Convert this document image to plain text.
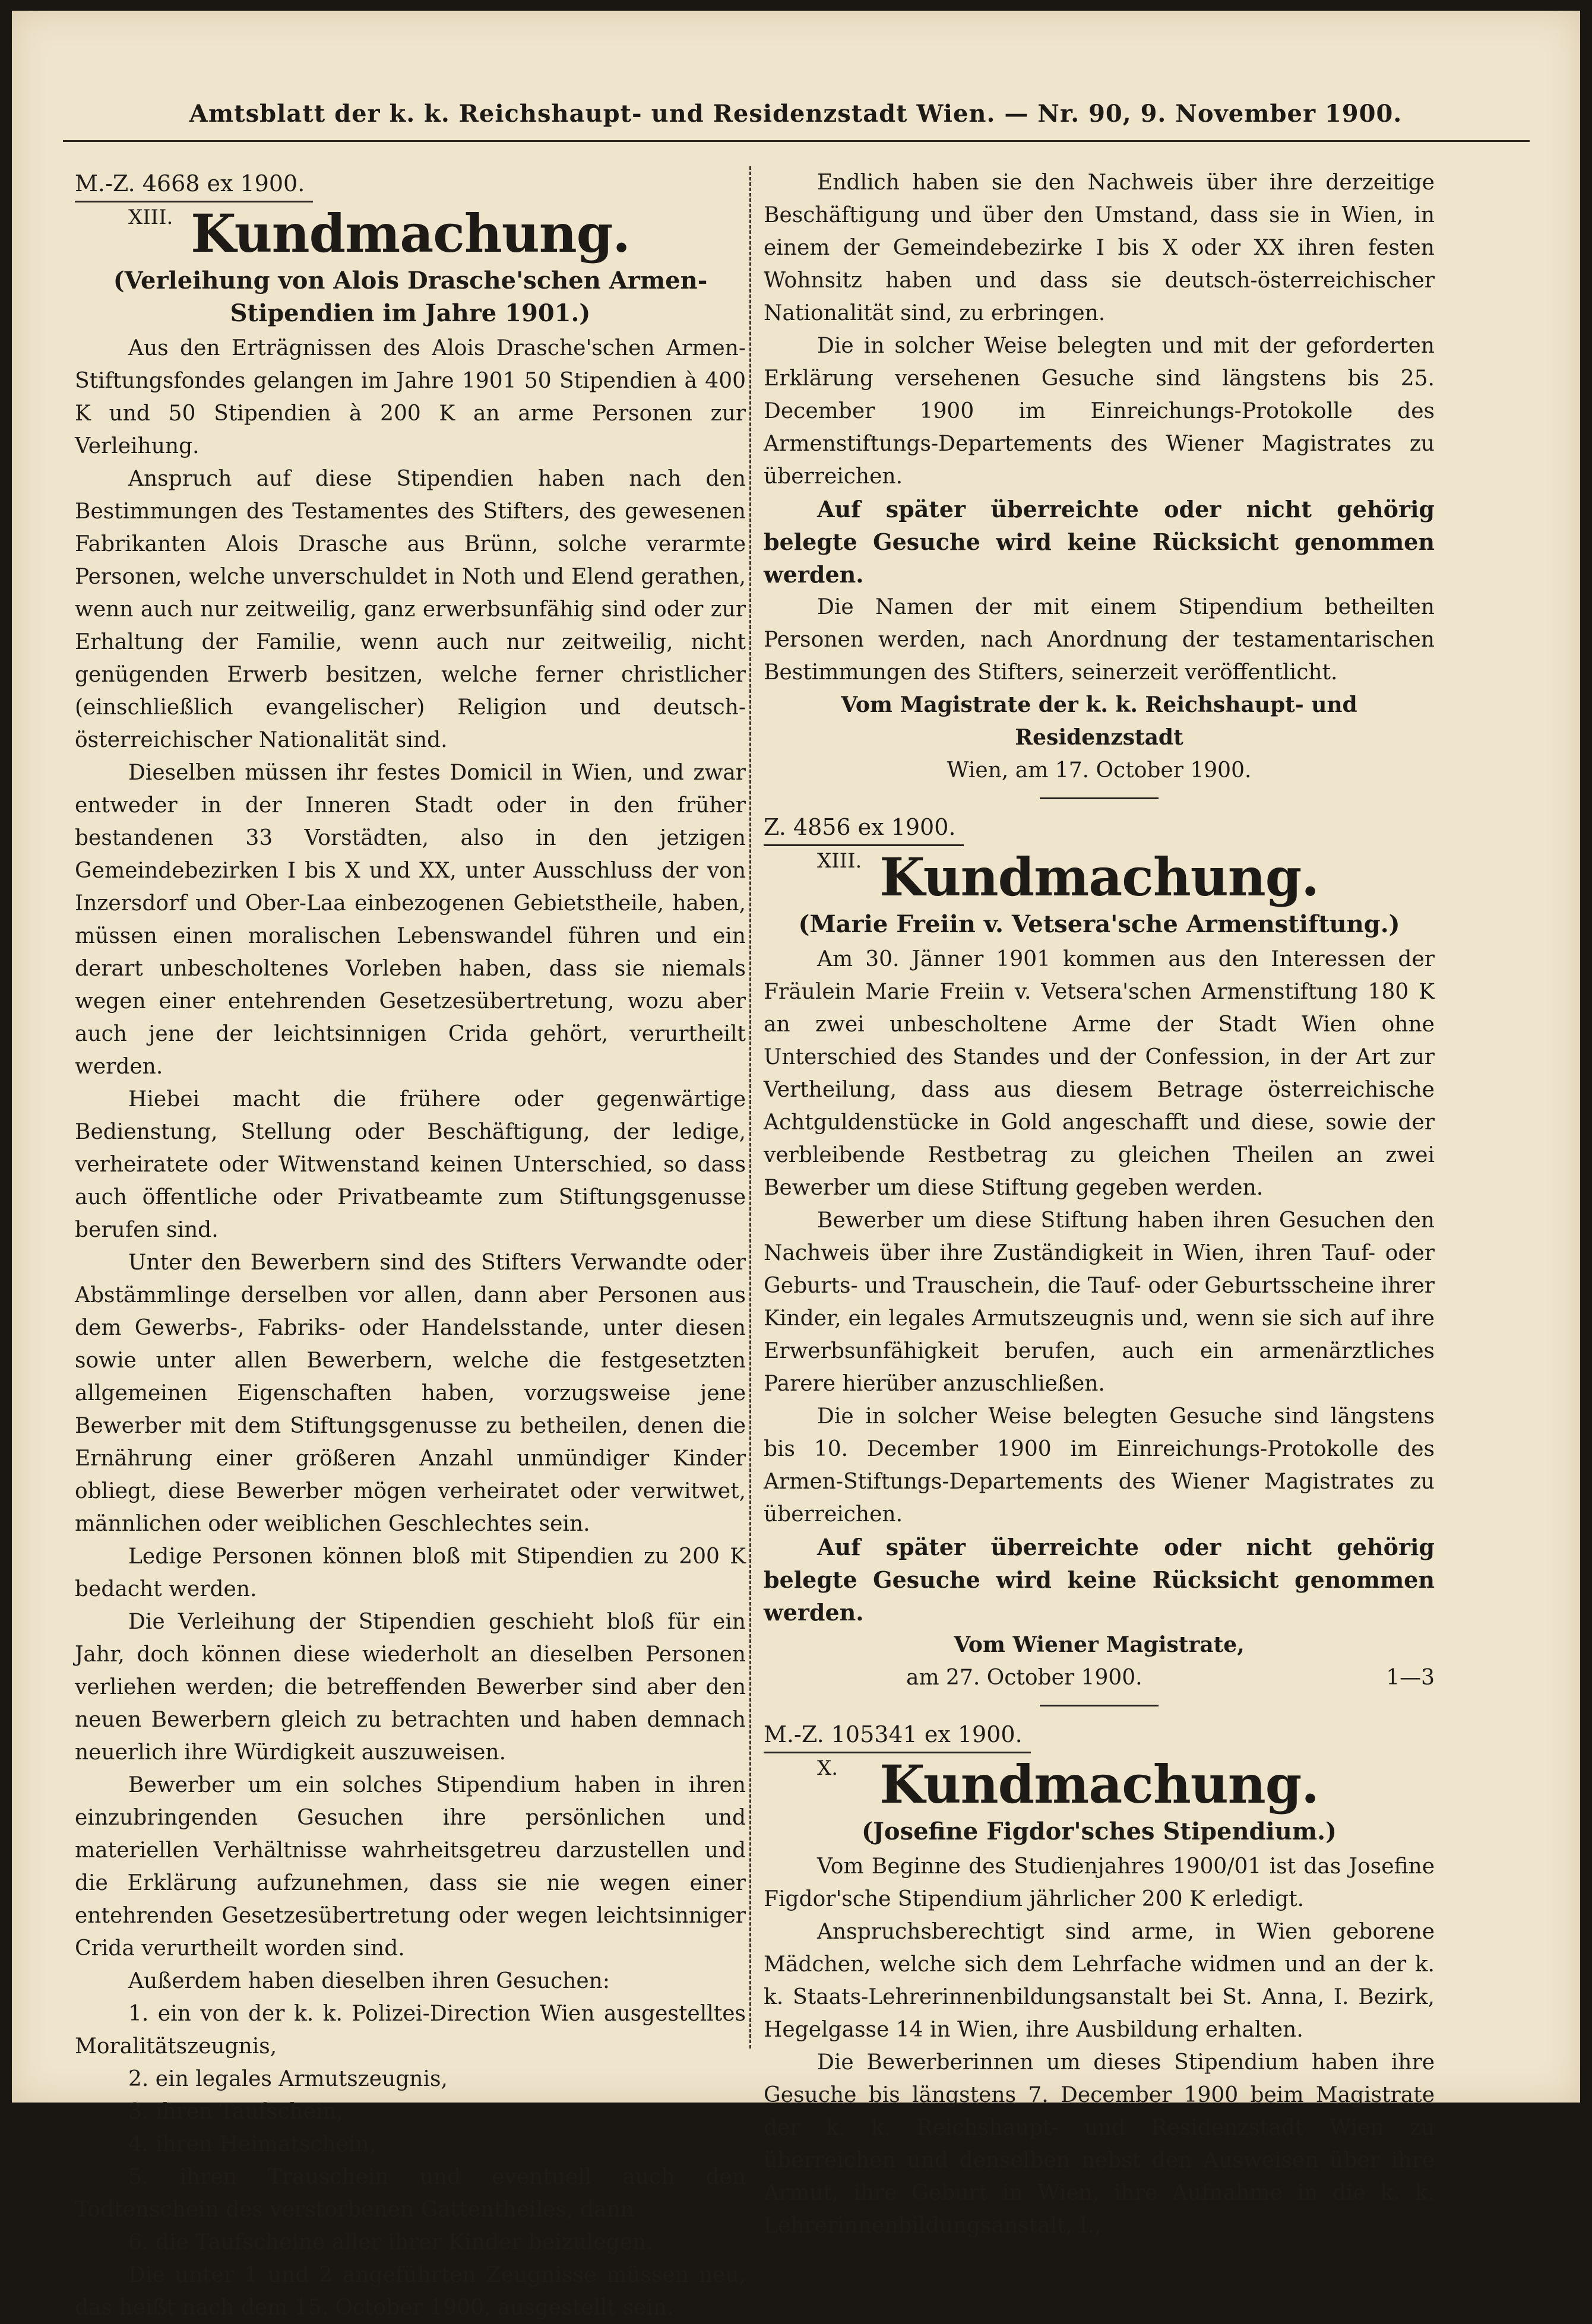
Amtsblatt der k. k. Reichshaupt- und Residenzstadt Wien. — Nr. 90, 9. November 1900.
M.-Z. 4668 ex 1900.
XIII. Kundmachung.
(Verleihung von Alois Drasche'schen Armen-Stipendien im Jahre 1901.)

Aus den Erträgnissen des Alois Drasche'schen Armen-Stiftungsfondes gelangen im Jahre 1901 50 Stipendien à 400 K und 50 Stipendien à 200 K an arme Personen zur Verleihung.

Anspruch auf diese Stipendien haben nach den Bestimmungen des Testamentes des Stifters, des gewesenen Fabrikanten Alois Drasche aus Brünn, solche verarmte Personen, welche unverschuldet in Noth und Elend gerathen, wenn auch nur zeitweilig, ganz erwerbsunfähig sind oder zur Erhaltung der Familie, wenn auch nur zeitweilig, nicht genügenden Erwerb besitzen, welche ferner christlicher (einschließlich evangelischer) Religion und deutsch-österreichischer Nationalität sind.

Dieselben müssen ihr festes Domicil in Wien, und zwar entweder in der Inneren Stadt oder in den früher bestandenen 33 Vorstädten, also in den jetzigen Gemeindebezirken I bis X und XX, unter Ausschluss der von Inzersdorf und Ober-Laa einbezogenen Gebietstheile, haben, müssen einen moralischen Lebenswandel führen und ein derart unbescholtenes Vorleben haben, dass sie niemals wegen einer entehrenden Gesetzesübertretung, wozu aber auch jene der leichtsinnigen Crida gehört, verurtheilt werden.

Hiebei macht die frühere oder gegenwärtige Bedienstung, Stellung oder Beschäftigung, der ledige, verheiratete oder Witwenstand keinen Unterschied, so dass auch öffentliche oder Privatbeamte zum Stiftungsgenusse berufen sind.

Unter den Bewerbern sind des Stifters Verwandte oder Abstämmlinge derselben vor allen, dann aber Personen aus dem Gewerbs-, Fabriks- oder Handelsstande, unter diesen sowie unter allen Bewerbern, welche die festgesetzten allgemeinen Eigenschaften haben, vorzugsweise jene Bewerber mit dem Stiftungsgenusse zu betheilen, denen die Ernährung einer größeren Anzahl unmündiger Kinder obliegt, diese Bewerber mögen verheiratet oder verwitwet, männlichen oder weiblichen Geschlechtes sein.

Ledige Personen können bloß mit Stipendien zu 200 K bedacht werden.

Die Verleihung der Stipendien geschieht bloß für ein Jahr, doch können diese wiederholt an dieselben Personen verliehen werden; die betreffenden Bewerber sind aber den neuen Bewerbern gleich zu betrachten und haben demnach neuerlich ihre Würdigkeit auszuweisen.

Bewerber um ein solches Stipendium haben in ihren einzubringenden Gesuchen ihre persönlichen und materiellen Verhältnisse wahrheitsgetreu darzustellen und die Erklärung aufzunehmen, dass sie nie wegen einer entehrenden Gesetzesübertretung oder wegen leichtsinniger Crida verurtheilt worden sind.

Außerdem haben dieselben ihren Gesuchen:

1. ein von der k. k. Polizei-Direction Wien ausgestelltes Moralitätszeugnis,
2. ein legales Armutszeugnis,
3. ihren Taufschein,
4. ihren Heimatschein,
5. ihren Trauschein und eventuell auch den Todtenschein des verstorbenen Gattentheiles, dann
6. die Taufscheine aller ihrer Kinder beizulegen.

Die unter 1 und 2 angeführten Zeugnisse müssen neu, das heißt nach dem 15. October 1900, ausgestellt sein.

Endlich haben sie den Nachweis über ihre derzeitige Beschäftigung und über den Umstand, dass sie in Wien, in einem der Gemeindebezirke I bis X oder XX ihren festen Wohnsitz haben und dass sie deutsch-österreichischer Nationalität sind, zu erbringen.

Die in solcher Weise belegten und mit der geforderten Erklärung versehenen Gesuche sind längstens bis 25. December 1900 im Einreichungs-Protokolle des Armenstiftungs-Departements des Wiener Magistrates zu überreichen.

Auf später überreichte oder nicht gehörig belegte Gesuche wird keine Rücksicht genommen werden.

Die Namen der mit einem Stipendium betheilten Personen werden, nach Anordnung der testamentarischen Bestimmungen des Stifters, seinerzeit veröffentlicht.

Vom Magistrate der k. k. Reichshaupt- und Residenzstadt
Wien, am 17. October 1900.
Z. 4856 ex 1900.
XIII. Kundmachung.
(Marie Freiin v. Vetsera'sche Armenstiftung.)

Am 30. Jänner 1901 kommen aus den Interessen der Fräulein Marie Freiin v. Vetsera'schen Armenstiftung 180 K an zwei unbescholtene Arme der Stadt Wien ohne Unterschied des Standes und der Confession, in der Art zur Vertheilung, dass aus diesem Betrage österreichische Achtguldenstücke in Gold angeschafft und diese, sowie der verbleibende Restbetrag zu gleichen Theilen an zwei Bewerber um diese Stiftung gegeben werden.

Bewerber um diese Stiftung haben ihren Gesuchen den Nachweis über ihre Zuständigkeit in Wien, ihren Tauf- oder Geburts- und Trauschein, die Tauf- oder Geburtsscheine ihrer Kinder, ein legales Armutszeugnis und, wenn sie sich auf ihre Erwerbsunfähigkeit berufen, auch ein armenärztliches Parere hierüber anzuschließen.

Die in solcher Weise belegten Gesuche sind längstens bis 10. December 1900 im Einreichungs-Protokolle des Armen-Stiftungs-Departements des Wiener Magistrates zu überreichen.

Auf später überreichte oder nicht gehörig belegte Gesuche wird keine Rücksicht genommen werden.

Vom Wiener Magistrate,
am 27. October 1900.	1—3
M.-Z. 105341 ex 1900.
X. Kundmachung.
(Josefine Figdor'sches Stipendium.)

Vom Beginne des Studienjahres 1900/01 ist das Josefine Figdor'sche Stipendium jährlicher 200 K erledigt.

Anspruchsberechtigt sind arme, in Wien geborene Mädchen, welche sich dem Lehrfache widmen und an der k. k. Staats-Lehrerinnenbildungsanstalt bei St. Anna, I. Bezirk, Hegelgasse 14 in Wien, ihre Ausbildung erhalten.

Die Bewerberinnen um dieses Stipendium haben ihre Gesuche bis längstens 7. December 1900 beim Magistrate der k. k. Reichshaupt- und Residenzstadt Wien zu überreichen und denselben nebst den Ausweisen über ihre Armut, ihre Geburt in Wien, ihre Aufnahme in die k. k. Lehrerinnenbildungsanstalt, I.,
